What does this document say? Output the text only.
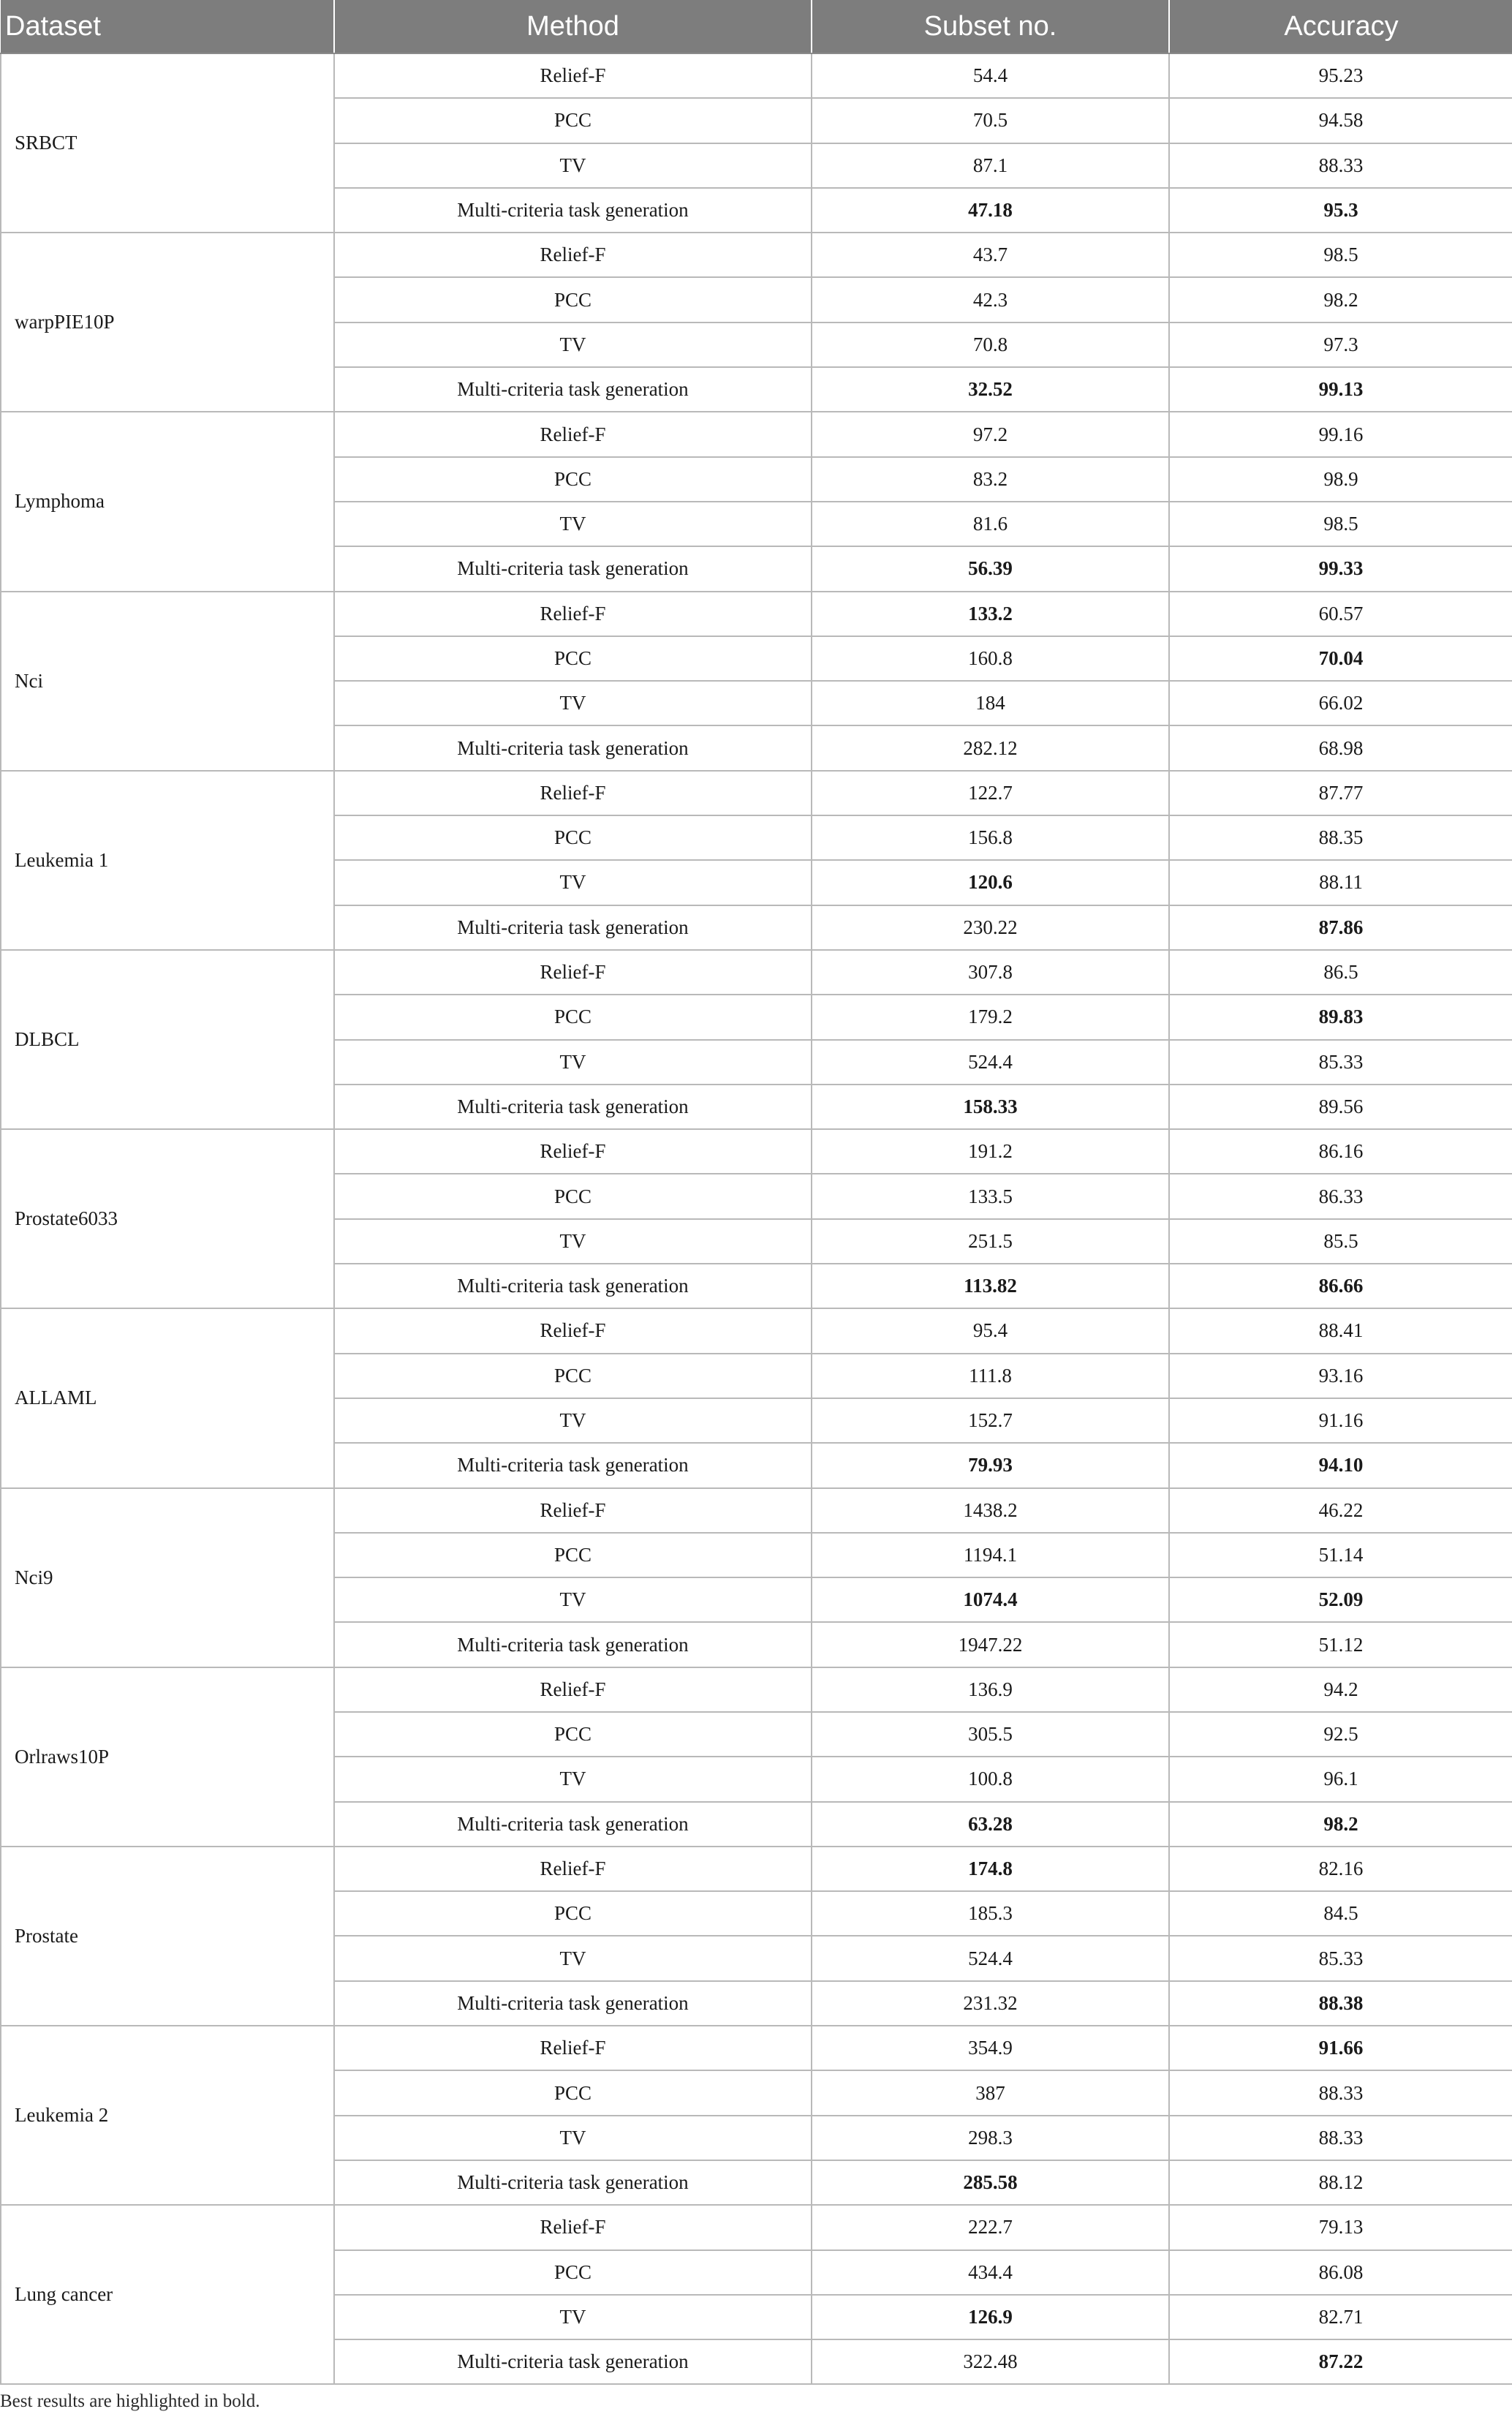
Dataset	Method	Subset no.	Accuracy
SRBCT	Relief-F	54.4	95.23
	PCC	70.5	94.58
	TV	87.1	88.33
	Multi-criteria task generation	47.18	95.3
warpPIE10P	Relief-F	43.7	98.5
	PCC	42.3	98.2
	TV	70.8	97.3
	Multi-criteria task generation	32.52	99.13
Lymphoma	Relief-F	97.2	99.16
	PCC	83.2	98.9
	TV	81.6	98.5
	Multi-criteria task generation	56.39	99.33
Nci	Relief-F	133.2	60.57
	PCC	160.8	70.04
	TV	184	66.02
	Multi-criteria task generation	282.12	68.98
Leukemia 1	Relief-F	122.7	87.77
	PCC	156.8	88.35
	TV	120.6	88.11
	Multi-criteria task generation	230.22	87.86
DLBCL	Relief-F	307.8	86.5
	PCC	179.2	89.83
	TV	524.4	85.33
	Multi-criteria task generation	158.33	89.56
Prostate6033	Relief-F	191.2	86.16
	PCC	133.5	86.33
	TV	251.5	85.5
	Multi-criteria task generation	113.82	86.66
ALLAML	Relief-F	95.4	88.41
	PCC	111.8	93.16
	TV	152.7	91.16
	Multi-criteria task generation	79.93	94.10
Nci9	Relief-F	1438.2	46.22
	PCC	1194.1	51.14
	TV	1074.4	52.09
	Multi-criteria task generation	1947.22	51.12
Orlraws10P	Relief-F	136.9	94.2
	PCC	305.5	92.5
	TV	100.8	96.1
	Multi-criteria task generation	63.28	98.2
Prostate	Relief-F	174.8	82.16
	PCC	185.3	84.5
	TV	524.4	85.33
	Multi-criteria task generation	231.32	88.38
Leukemia 2	Relief-F	354.9	91.66
	PCC	387	88.33
	TV	298.3	88.33
	Multi-criteria task generation	285.58	88.12
Lung cancer	Relief-F	222.7	79.13
	PCC	434.4	86.08
	TV	126.9	82.71
	Multi-criteria task generation	322.48	87.22
Best results are highlighted in bold.
